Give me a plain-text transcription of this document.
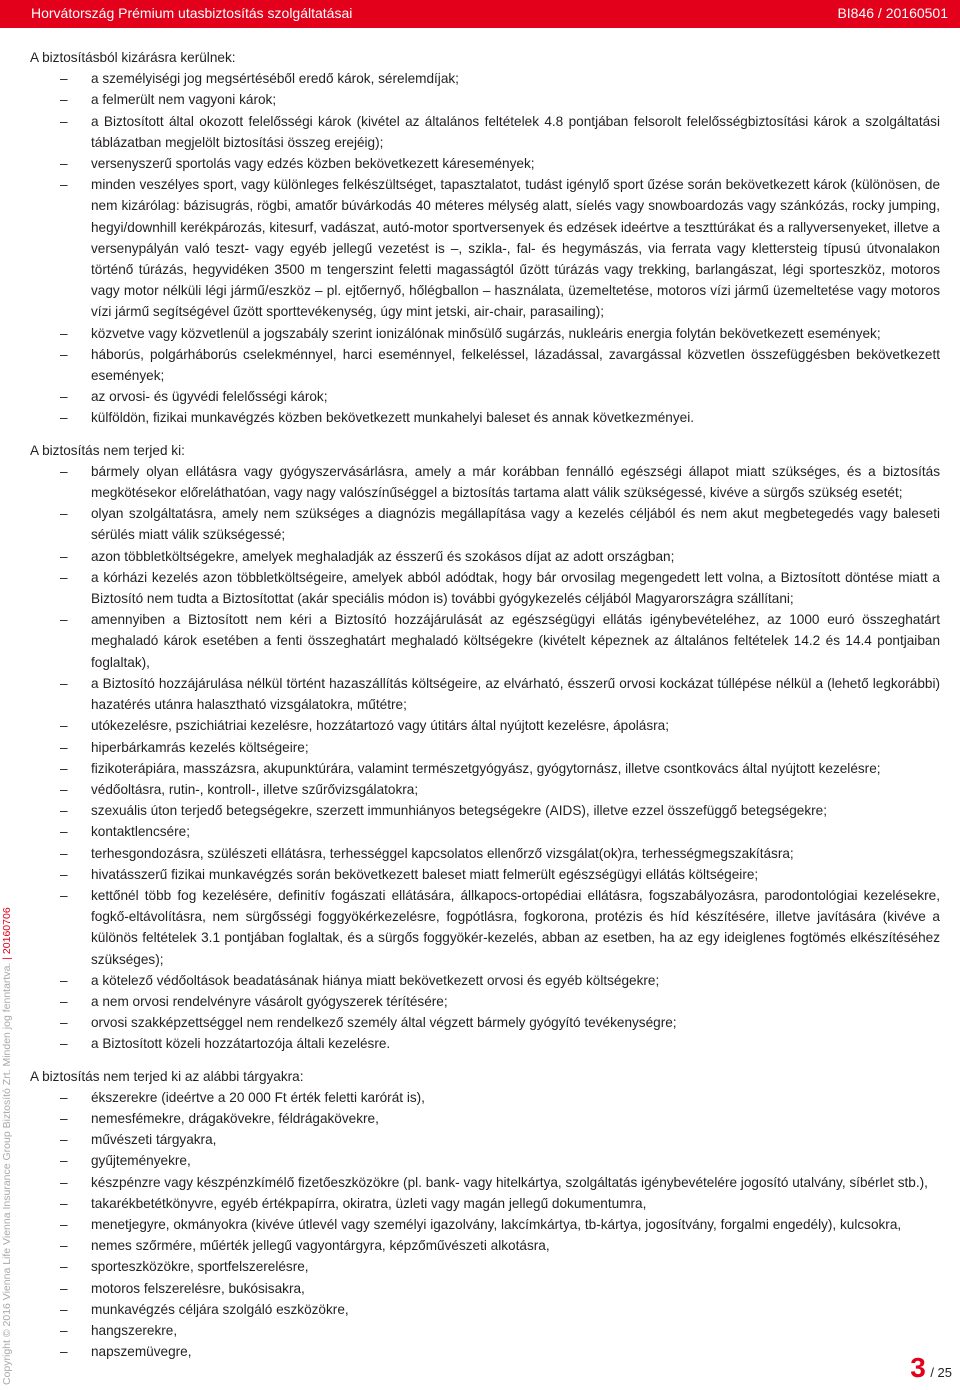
Horvátország Prémium utasbiztosítás szolgáltatásai	BI846 / 20160501

A biztosításból kizárásra kerülnek:

– a személyiségi jog megsértéséből eredő károk, sérelemdíjak;
– a felmerült nem vagyoni károk;
– a Biztosított által okozott felelősségi károk (kivétel az általános feltételek 4.8 pontjában felsorolt felelősségbiztosítási károk a szolgáltatási táblázatban megjelölt biztosítási összeg erejéig);
– versenyszerű sportolás vagy edzés közben bekövetkezett káresemények;
– minden veszélyes sport, vagy különleges felkészültséget, tapasztalatot, tudást igénylő sport űzése során bekövetkezett károk (különösen, de nem kizárólag: bázisugrás, rögbi, amatőr búvárkodás 40 méteres mélység alatt, síelés vagy snowboardozás vagy szánkózás, rocky jumping, hegyi/downhill kerékpározás, kitesurf, vadászat, autó-motor sportversenyek és edzések ideértve a teszttúrákat és a rallyversenyeket, illetve a versenypályán való teszt- vagy egyéb jellegű vezetést is –, szikla-, fal- és hegymászás, via ferrata vagy klettersteig típusú útvonalakon történő túrázás, hegyvidéken 3500 m tengerszint feletti magasságtól űzött túrázás vagy trekking, barlangászat, légi sporteszköz, motoros vagy motor nélküli légi jármű/eszköz – pl. ejtőernyő, hőlégballon – használata, üzemeltetése, motoros vízi jármű üzemeltetése vagy motoros vízi jármű segítségével űzött sporttevékenység, úgy mint jetski, air-chair, parasailing);
– közvetve vagy közvetlenül a jogszabály szerint ionizálónak minősülő sugárzás, nukleáris energia folytán bekövetkezett események;
– háborús, polgárháborús cselekménnyel, harci eseménnyel, felkeléssel, lázadással, zavargással közvetlen összefüggésben bekövetkezett események;
– az orvosi- és ügyvédi felelősségi károk;
– külföldön, fizikai munkavégzés közben bekövetkezett munkahelyi baleset és annak következményei.

A biztosítás nem terjed ki:

– bármely olyan ellátásra vagy gyógyszervásárlásra, amely a már korábban fennálló egészségi állapot miatt szükséges, és a biztosítás megkötésekor előreláthatóan, vagy nagy valószínűséggel a biztosítás tartama alatt válik szükségessé, kivéve a sürgős szükség esetét;
– olyan szolgáltatásra, amely nem szükséges a diagnózis megállapítása vagy a kezelés céljából és nem akut megbetegedés vagy baleseti sérülés miatt válik szükségessé;
– azon többletköltségekre, amelyek meghaladják az ésszerű és szokásos díjat az adott országban;
– a kórházi kezelés azon többletköltségeire, amelyek abból adódtak, hogy bár orvosilag megengedett lett volna, a Biztosított döntése miatt a Biztosító nem tudta a Biztosítottat (akár speciális módon is) további gyógykezelés céljából Magyarországra szállítani;
– amennyiben a Biztosított nem kéri a Biztosító hozzájárulását az egészségügyi ellátás igénybevételéhez, az 1000 euró összeghatárt meghaladó károk esetében a fenti összeghatárt meghaladó költségekre (kivételt képeznek az általános feltételek 14.2 és 14.4 pontjaiban foglaltak),
– a Biztosító hozzájárulása nélkül történt hazaszállítás költségeire, az elvárható, ésszerű orvosi kockázat túllépése nélkül a (lehető legkorábbi) hazatérés utánra halasztható vizsgálatokra, műtétre;
– utókezelésre, pszichiátriai kezelésre, hozzátartozó vagy útitárs által nyújtott kezelésre, ápolásra;
– hiperbárkamrás kezelés költségeire;
– fizikoterápiára, masszázsra, akupunktúrára, valamint természetgyógyász, gyógytornász, illetve csontkovács által nyújtott kezelésre;
– védőoltásra, rutin-, kontroll-, illetve szűrővizsgálatokra;
– szexuális úton terjedő betegségekre, szerzett immunhiányos betegségekre (AIDS), illetve ezzel összefüggő betegségekre;
– kontaktlencsére;
– terhesgondozásra, szülészeti ellátásra, terhességgel kapcsolatos ellenőrző vizsgálat(ok)ra, terhességmegszakításra;
– hivatásszerű fizikai munkavégzés során bekövetkezett baleset miatt felmerült egészségügyi ellátás költségeire;
– kettőnél több fog kezelésére, definitív fogászati ellátására, állkapocs-ortopédiai ellátásra, fogszabályozásra, parodontológiai kezelésekre, fogkő-eltávolításra, nem sürgősségi foggyökérkezelésre, fogpótlásra, fogkorona, protézis és híd készítésére, illetve javítására (kivéve a különös feltételek 3.1 pontjában foglaltak, és a sürgős foggyökér-kezelés, abban az esetben, ha az egy ideiglenes fogtömés elkészítéséhez szükséges);
– a kötelező védőoltások beadatásának hiánya miatt bekövetkezett orvosi és egyéb költségekre;
– a nem orvosi rendelvényre vásárolt gyógyszerek térítésére;
– orvosi szakképzettséggel nem rendelkező személy által végzett bármely gyógyító tevékenységre;
– a Biztosított közeli hozzátartozója általi kezelésre.

A biztosítás nem terjed ki az alábbi tárgyakra:

– ékszerekre (ideértve a 20 000 Ft érték feletti karórát is),
– nemesfémekre, drágakövekre, féldrágakövekre,
– művészeti tárgyakra,
– gyűjteményekre,
– készpénzre vagy készpénzkímélő fizetőeszközökre (pl. bank- vagy hitelkártya, szolgáltatás igénybevételére jogosító utalvány, síbérlet stb.),
– takarékbetétkönyvre, egyéb értékpapírra, okiratra, üzleti vagy magán jellegű dokumentumra,
– menetjegyre, okmányokra (kivéve útlevél vagy személyi igazolvány, lakcímkártya, tb-kártya, jogosítvány, forgalmi engedély), kulcsokra,
– nemes szőrmére, műérték jellegű vagyontárgyra, képzőművészeti alkotásra,
– sporteszközökre, sportfelszerelésre,
– motoros felszerelésre, bukósisakra,
– munkavégzés céljára szolgáló eszközökre,
– hangszerekre,
– napszemüvegre,
Copyright © 2016 Vienna Life Vienna Insurance Group Biztosító Zrt. Minden jog fenntartva. | 20160706
3 / 25
